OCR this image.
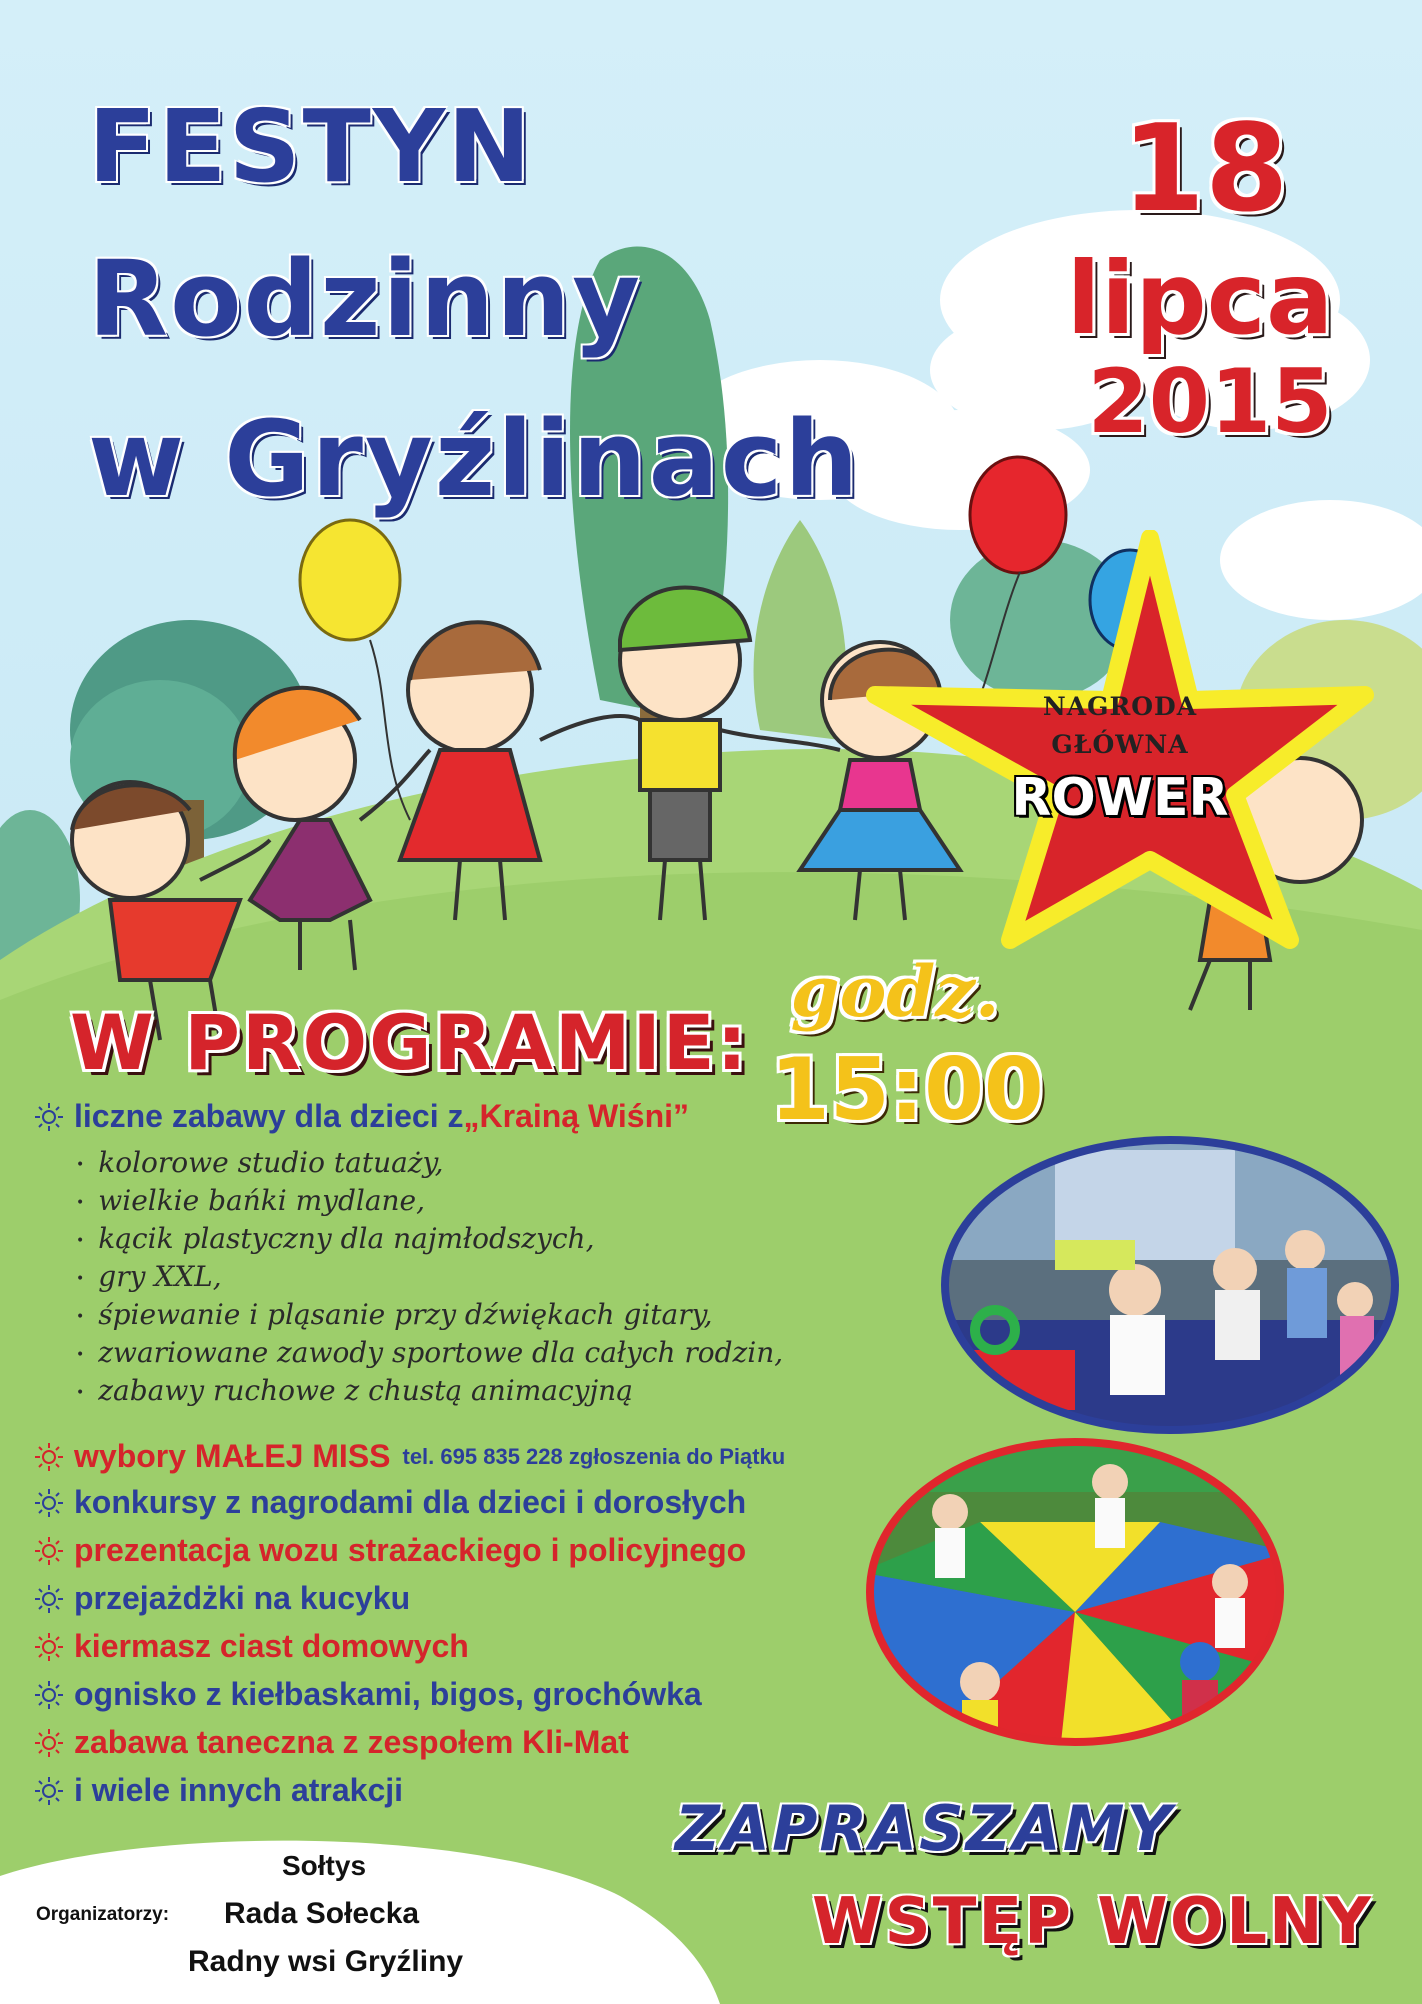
FESTYN
Rodzinny
w Gryźlinach
18
lipca
2015
NAGRODA
GŁÓWNA
ROWER
godz.
15:00
W PROGRAMIE:
liczne zabawy dla dzieci z „Krainą Wiśni”
• kolorowe studio tatuaży,
• wielkie bańki mydlane,
• kącik plastyczny dla najmłodszych,
• gry XXL,
• śpiewanie i pląsanie przy dźwiękach gitary,
• zwariowane zawody sportowe dla całych rodzin,
• zabawy ruchowe z chustą animacyjną
wybory MAŁEJ MISS tel. 695 835 228 zgłoszenia do Piątku
konkursy z nagrodami dla dzieci i dorosłych
prezentacja wozu strażackiego i policyjnego
przejażdżki na kucyku
kiermasz ciast domowych
ognisko z kiełbaskami, bigos, grochówka
zabawa taneczna z zespołem Kli-Mat
i wiele innych atrakcji
ZAPRASZAMY
WSTĘP WOLNY
Organizatorzy:
Sołtys
Rada Sołecka
Radny wsi Gryźliny
